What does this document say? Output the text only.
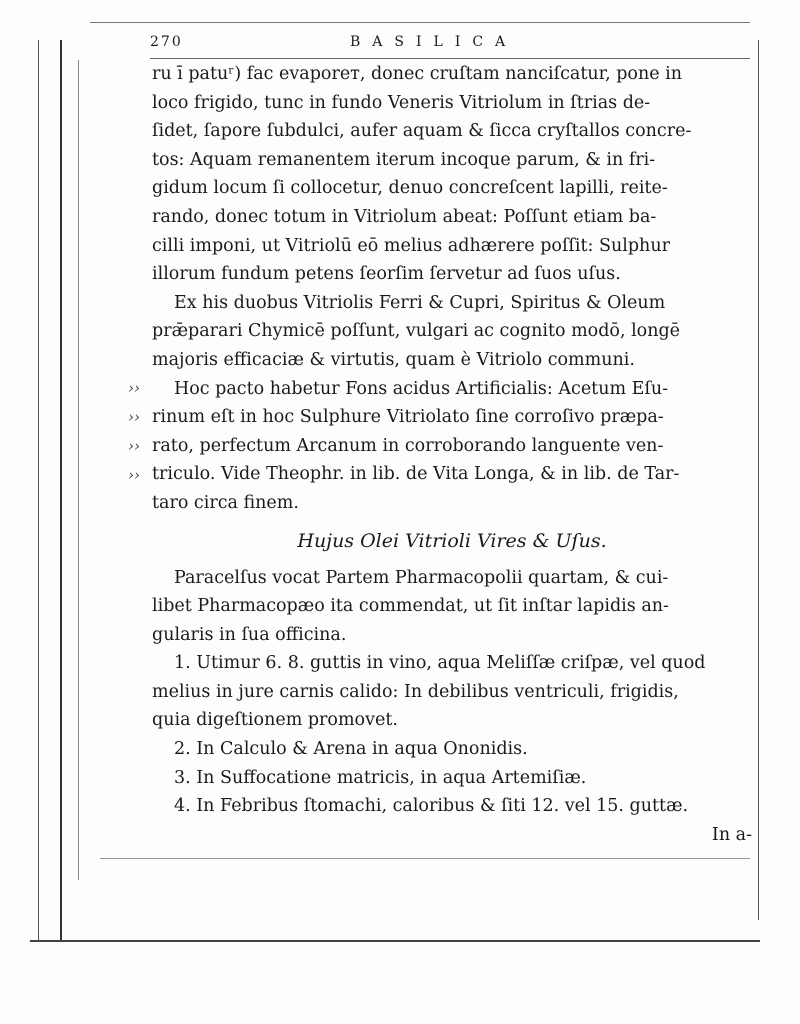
270	BASILICA
››
››
››
››

ru ī patuʳ) fac evaporeт, donec cruſtam nanciſcatur, pone in
loco frigido, tunc in fundo Veneris Vitriolum in ſtrias de-
ſidet, ſapore ſubdulci, aufer aquam & ſicca cryſtallos concre-
tos: Aquam remanentem iterum incoque parum, & in fri-
gidum locum ſi collocetur, denuo concreſcent lapilli, reite-
rando, donec totum in Vitriolum abeat: Poſſunt etiam ba-
cilli imponi, ut Vitriolū eō melius adhærere poſſit: Sulphur
illorum fundum petens ſeorſim ſervetur ad ſuos uſus.

Ex his duobus Vitriolis Ferri & Cupri, Spiritus & Oleum
prǣparari Chymicē poſſunt, vulgari ac cognito modō, longē
majoris efficaciæ & virtutis, quam è Vitriolo communi.

Hoc pacto habetur Fons acidus Artificialis: Acetum Eſu-
rinum eſt in hoc Sulphure Vitriolato ſine corroſivo præpa-
rato, perfectum Arcanum in corroborando languente ven-
triculo. Vide Theophr. in lib. de Vita Longa, & in lib. de Tar-
taro circa finem.

Hujus Olei Vitrioli Vires & Uſus.

Paracelſus vocat Partem Pharmacopolii quartam, & cui-
libet Pharmacopæo ita commendat, ut ſit inſtar lapidis an-
gularis in ſua officina.

1. Utimur 6. 8. guttis in vino, aqua Meliſſæ criſpæ, vel quod
melius in jure carnis calido: In debilibus ventriculi, frigidis,
quia digeſtionem promovet.
2. In Calculo & Arena in aqua Ononidis.
3. In Suffocatione matricis, in aqua Artemiſiæ.
4. In Febribus ſtomachi, caloribus & ſiti 12. vel 15. guttæ.

In a-
